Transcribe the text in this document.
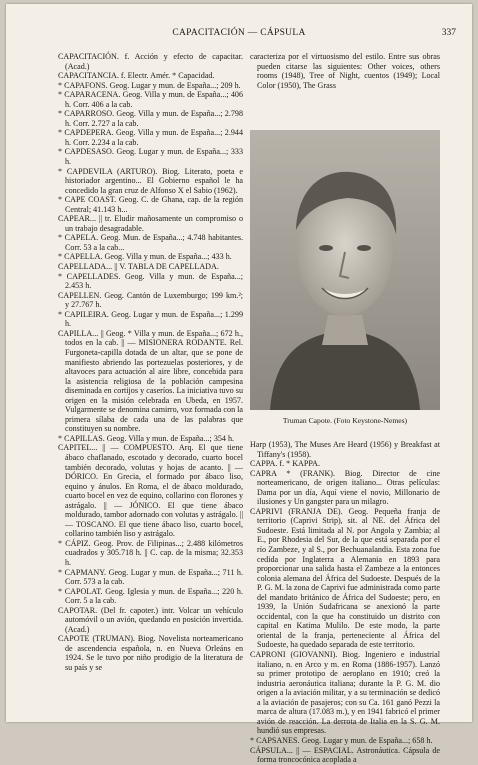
CAPACITACIÓN — CÁPSULA	337

CAPACITACIÓN. f. Acción y efecto de capacitar. (Acad.)

CAPACITANCIA. f. Electr. Amér. * Capacidad.

* CAPAFONS. Geog. Lugar y mun. de España...; 209 h.

* CAPARACENA. Geog. Villa y mun. de España...; 406 h. Corr. 406 a la cab.

* CAPARROSO. Geog. Villa y mun. de España...; 2.798 h. Corr. 2.727 a la cab.

* CAPDEPERA. Geog. Villa y mun. de España...; 2.944 h. Corr. 2.234 a la cab.

* CAPDESASO. Geog. Lugar y mun. de España...; 333 h.

* CAPDEVILA (ARTURO). Biog. Literato, poeta e historiador argentino... El Gobierno español le ha concedido la gran cruz de Alfonso X el Sabio (1962).

* CAPE COAST. Geog. C. de Ghana, cap. de la región Central; 41.143 h...

CAPEAR... || tr. Eludir mañosamente un compromiso o un trabajo desagradable.

* CAPELA. Geog. Mun. de España...; 4.748 habitantes. Corr. 53 a la cab...

* CAPELLA. Geog. Villa y mun. de España...; 433 h.

CAPELLADA... || V. TABLA DE CAPELLADA.

* CAPELLADES. Geog. Villa y mun. de España...; 2.453 h.

CAPELLEN. Geog. Cantón de Luxemburgo; 199 km.²; y 27.767 h.

* CAPILEIRA. Geog. Lugar y mun. de España...; 1.299 h.

CAPILLA... || Geog. * Villa y mun. de España...; 672 h., todos en la cab. || — MISIONERA RODANTE. Rel. Furgoneta-capilla dotada de un altar, que se pone de manifiesto abriendo las portezuelas posteriores, y de altavoces para actuación al aire libre, concebida para la asistencia religiosa de la población campesina diseminada en cortijos y caseríos. La iniciativa tuvo su origen en la misión celebrada en Ubeda, en 1957. Vulgarmente se denomina camirro, voz formada con la primera sílaba de cada una de las palabras que constituyen su nombre.

* CAPILLAS. Geog. Villa y mun. de España...; 354 h.

CAPITEL... || — COMPUESTO. Arq. El que tiene ábaco chaflanado, escotado y decorado, cuarto bocel también decorado, volutas y hojas de acanto. || — DÓRICO. En Grecia, el formado por ábaco liso, equino y ánulos. En Roma, el de ábaco moldurado, cuarto bocel en vez de equino, collarino con florones y astrágalo. || — JÓNICO. El que tiene ábaco moldurado, tambor adornado con volutas y astrágalo. || — TOSCANO. El que tiene ábaco liso, cuarto bocel, collarino también liso y astrágalo.

* CÁPIZ. Geog. Prov. de Filipinas...; 2.488 kilómetros cuadrados y 305.718 h. || C. cap. de la misma; 32.353 h.

* CAPMANY. Geog. Lugar y mun. de España...; 711 h. Corr. 573 a la cab.

* CAPOLAT. Geog. Iglesia y mun. de España...; 220 h. Corr. 5 a la cab.

CAPOTAR. (Del fr. capoter.) intr. Volcar un vehículo automóvil o un avión, quedando en posición invertida. (Acad.)

CAPOTE (TRUMAN). Biog. Novelista norteamericano de ascendencia española, n. en Nueva Orleáns en 1924. Se le tuvo por niño prodigio de la literatura de su país y se

caracteriza por el virtuosismo del estilo. Entre sus obras pueden citarse las siguientes: Other voices, others rooms (1948), Tree of Night, cuentos (1949); Local Color (1950), The Grass

Truman Capote. (Foto Keystone-Nemes)

Harp (1953), The Muses Are Heard (1956) y Breakfast at Tiffany's (1958).

CAPPA. f. * KAPPA.

CAPRA * (FRANK). Biog. Director de cine norteamericano, de origen italiano... Otras películas: Dama por un día, Aquí viene el novio, Millonario de ilusiones y Un gangster para un milagro.

CAPRIVI (FRANJA DE). Geog. Pequeña franja de territorio (Caprivi Strip), sit. al NE. del África del Sudoeste. Está limitada al N. por Angola y Zambia; al E., por Rhodesia del Sur, de la que está separada por el río Zambeze, y al S., por Bechuanalandia. Esta zona fue cedida por Inglaterra a Alemania en 1893 para proporcionar una salida hasta el Zambeze a la entonces colonia alemana del África del Sudoeste. Después de la P. G. M. la zona de Caprivi fue administrada como parte del mandato británico de África del Sudoeste; pero, en 1939, la Unión Sudafricana se anexionó la parte occidental, con la que ha constituido un distrito con capital en Katima Mulilo. De este modo, la parte oriental de la franja, perteneciente al África del Sudoeste, ha quedado separada de este territorio.

CAPRONI (GIOVANNI). Biog. Ingeniero e industrial italiano, n. en Arco y m. en Roma (1886-1957). Lanzó su primer prototipo de aeroplano en 1910; creó la industria aeronáutica italiana; durante la P. G. M. dio origen a la aviación militar, y a su terminación se dedicó a la aviación de pasajeros; con su Ca. 161 ganó Pezzi la marca de altura (17.083 m.), y en 1941 fabricó el primer avión de reacción. La derrota de Italia en la S. G. M. hundió sus empresas.

* CAPSANES. Geog. Lugar y mun. de España...; 658 h.

CÁPSULA... || — ESPACIAL. Astronáutica. Cápsula de forma troncocónica acoplada a
